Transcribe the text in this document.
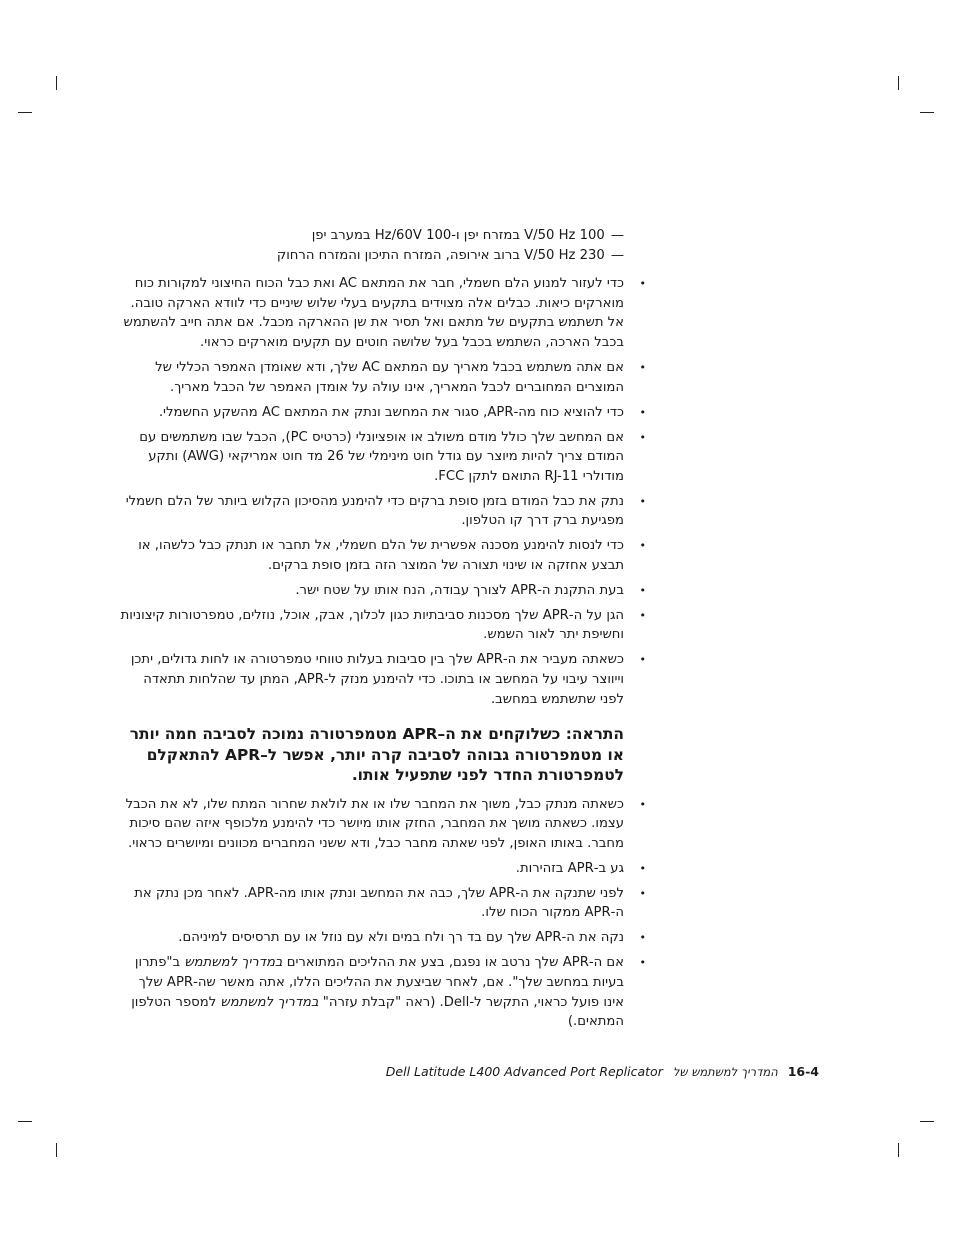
—100 V/50 Hz במזרח יפן ו-100‏ Hz/60V במערב יפן
—230 V/50 Hz ברוב אירופה, המזרח התיכון והמזרח הרחוק
•
כדי לעזור למנוע הלם חשמלי, חבר את המתאם AC ואת כבל הכוח החיצוני למקורות כוח מוארקים כיאות. כבלים אלה מצוידים בתקעים בעלי שלוש שיניים כדי לוודא הארקה טובה. אל תשתמש בתקעים של מתאם ואל תסיר את שן ההארקה מכבל. אם אתה חייב להשתמש בכבל הארכה, השתמש בכבל בעל שלושה חוטים עם תקעים מוארקים כראוי.
•
אם אתה משתמש בכבל מאריך עם המתאם AC שלך, ודא שאומדן האמפר הכללי של המוצרים המחוברים לכבל המאריך, אינו עולה על אומדן האמפר של הכבל מאריך.
•
כדי להוציא כוח מה-APR, סגור את המחשב ונתק את המתאם AC מהשקע החשמלי.
•
אם המחשב שלך כולל מודם משולב או אופציונלי (כרטיס PC), הכבל שבו משתמשים עם המודם צריך להיות מיוצר עם גודל חוט מינימלי של 26 מד חוט אמריקאי (AWG) ותקע מודולרי RJ-11 התואם לתקן FCC.
•
נתק את כבל המודם בזמן סופת ברקים כדי להימנע מהסיכון הקלוש ביותר של הלם חשמלי מפגיעת ברק דרך קו הטלפון.
•
כדי לנסות להימנע מסכנה אפשרית של הלם חשמלי, אל תחבר או תנתק כבל כלשהו, או תבצע אחזקה או שינוי תצורה של המוצר הזה בזמן סופת ברקים.
•
בעת התקנת ה-APR לצורך עבודה, הנח אותו על שטח ישר.
•
הגן על ה-APR שלך מסכנות סביבתיות כגון לכלוך, אבק, אוכל, נוזלים, טמפרטורות קיצוניות וחשיפת יתר לאור השמש.
•
כשאתה מעביר את ה-APR שלך בין סביבות בעלות טווחי טמפרטורה או לחות גדולים, יתכן וייווצר עיבוי על המחשב או בתוכו. כדי להימנע מנזק ל-APR, המתן עד שהלחות תתאדה לפני שתשתמש במחשב.
התראה: כשלוקחים את ה–APR מטמפרטורה נמוכה לסביבה חמה יותר או מטמפרטורה גבוהה לסביבה קרה יותר, אפשר ל–APR להתאקלם לטמפרטורת החדר לפני שתפעיל אותו.
•
כשאתה מנתק כבל, משוך את המחבר שלו או את לולאת שחרור המתח שלו, לא את הכבל עצמו. כשאתה מושך את המחבר, החזק אותו מיושר כדי להימנע מלכופף איזה שהם סיכות מחבר. באותו האופן, לפני שאתה מחבר כבל, ודא ששני המחברים מכוונים ומיושרים כראוי.
•
גע ב-APR בזהירות.
•
לפני שתנקה את ה-APR שלך, כבה את המחשב ונתק אותו מה-APR. לאחר מכן נתק את ה-APR ממקור הכוח שלו.
•
נקה את ה-APR שלך עם בד רך ולח במים ולא עם נוזל או עם תרסיסים למיניהם.
•
אם ה-APR שלך נרטב או נפגם, בצע את ההליכים המתוארים במדריך למשתמש ב"פתרון בעיות במחשב שלך". אם, לאחר שביצעת את ההליכים הללו, אתה מאשר שה-APR שלך אינו פועל כראוי, התקשר ל-Dell. (ראה "קבלת עזרה" במדריך למשתמש למספר הטלפון המתאים.)
Dell Latitude L400 Advanced Port Replicator המדריך למשתמש של 16-4
